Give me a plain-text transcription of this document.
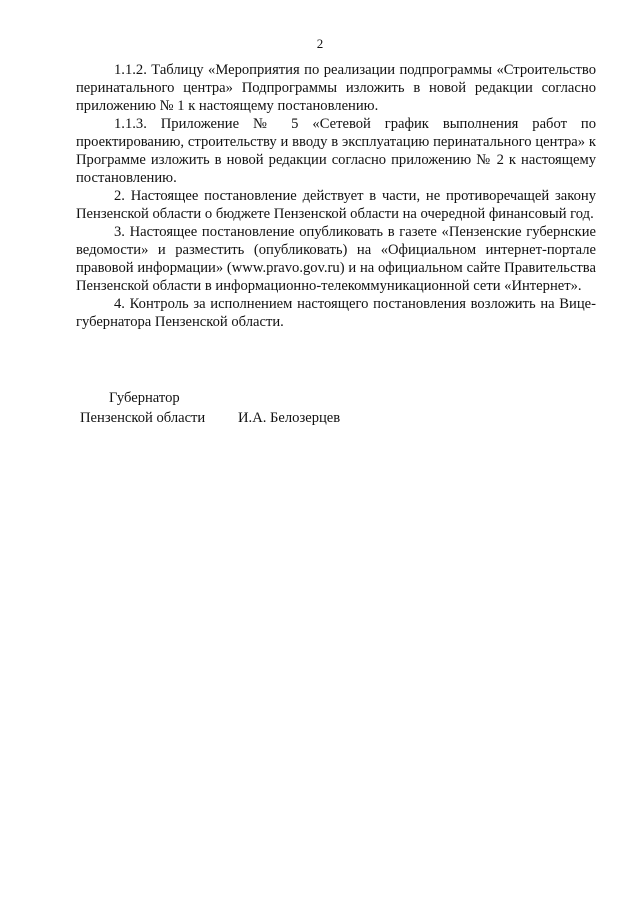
2

1.1.2. Таблицу «Мероприятия по реализации подпрограммы «Строительство перинатального центра» Подпрограммы изложить в новой редакции согласно приложению № 1 к настоящему постановлению.

1.1.3. Приложение № 5 «Сетевой график выполнения работ по проектированию, строительству и вводу в эксплуатацию перинатального центра» к Программе изложить в новой редакции согласно приложению № 2 к настоящему постановлению.

2. Настоящее постановление действует в части, не противоречащей закону Пензенской области о бюджете Пензенской области на очередной финансовый год.

3. Настоящее постановление опубликовать в газете «Пензенские губернские ведомости» и разместить (опубликовать) на «Официальном интернет-портале правовой информации» (www.pravo.gov.ru) и на официальном сайте Правительства Пензенской области в информационно-телекоммуникационной сети «Интернет».

4. Контроль за исполнением настоящего постановления возложить на Вице-губернатора Пензенской области.

Губернатор
Пензенской области И.А. Белозерцев
